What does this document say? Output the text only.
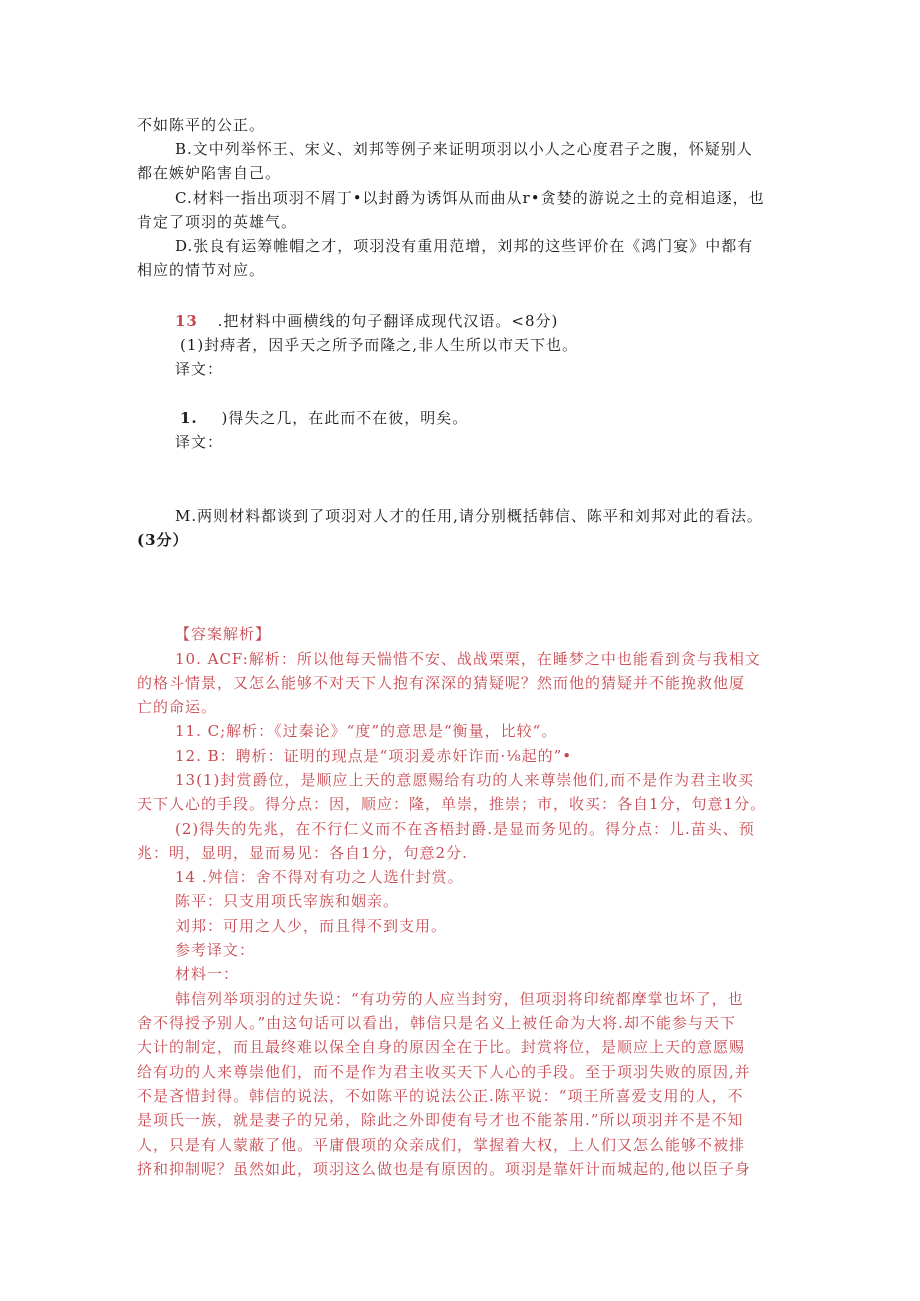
不如陈平的公正。
B.文中列举怀王、宋义、刘邦等例子来证明项羽以小人之心度君子之腹，怀疑别人
都在嫉妒陷害自己。
C.材料一指出项羽不屑丁•以封爵为诱饵从而曲从r•贪婪的游说之土的竞相追逐，也
肯定了项羽的英雄气。
D.张良有运筹帷帽之才，项羽没有重用范增，刘邦的这些评价在《鸿门宴》中都有
相应的情节对应。
13 .把材料中画横线的句子翻译成现代汉语。<8分)
(1)封痔者，因乎天之所予而隆之,非人生所以市天下也。
译文：
1. )得失之几，在此而不在彼，明矣。
译文：
M.两则材料都谈到了项羽对人才的任用,请分别概括韩信、陈平和刘邦对此的看法。
(3分）
【容案解析】
10. ACF:解析：所以他每天惴惜不安、战战栗栗，在睡梦之中也能看到贪与我相文
的格斗情景，又怎么能够不对天下人抱有深深的猜疑呢？然而他的猜疑并不能挽救他厦
亡的命运。
11. C;解析：《过秦论》“度”的意思是“衡量，比较“。
12. B：聘析：证明的现点是“项羽爰赤奸诈而·⅛起的”•
13(1)封赏爵位，是顺应上天的意愿赐给有功的人来尊崇他们,而不是作为君主收买
天下人心的手段。得分点：因，顺应：隆，单崇，推崇；市，收买：各自1分，句意1分。
(2)得失的先兆，在不行仁义而不在吝梧封爵.是显而务见的。得分点：儿.苗头、预
兆：明，显明，显而易见：各自1分，句意2分.
14 .舛信：舍不得对有功之人选什封赏。
陈平：只支用项氏宰族和姻亲。
刘邦：可用之人少，而且得不到支用。
参考译文：
材料一：
韩信列举项羽的过失说：“有功劳的人应当封穷，但项羽将印统都摩掌也坏了，也
舍不得授予别人。”由这句话可以看出，韩信只是名义上被任命为大将.却不能参与天下
大计的制定，而且最终难以保全自身的原因全在于比。封赏将位，是顺应上天的意愿赐
给有功的人来尊崇他们，而不是作为君主收买天下人心的手段。至于项羽失败的原因,并
不是吝惜封得。韩信的说法，不如陈平的说法公正.陈平说：“项王所喜爱支用的人，不
是项氏一族，就是妻子的兄弟，除此之外即使有号才也不能茶用.”所以项羽并不是不知
人，只是有人蒙蔽了他。平庸偎项的众亲成们，掌握着大权，上人们又怎么能够不被排
挤和抑制呢？虽然如此，项羽这么做也是有原因的。项羽是靠奸计而城起的,他以臣子身
